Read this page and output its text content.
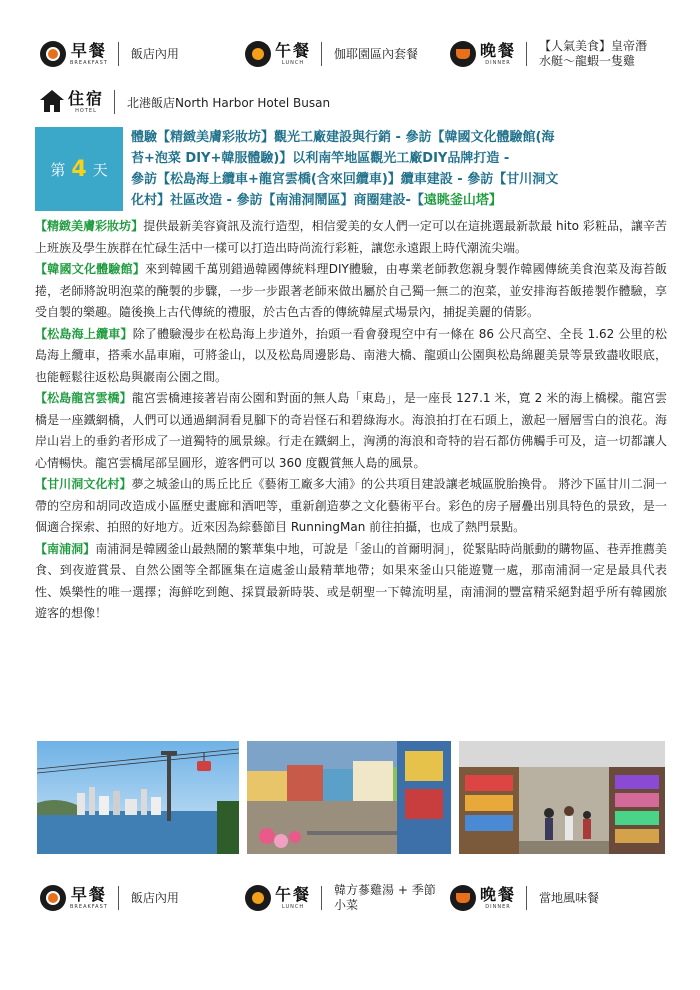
早餐
BREAKFAST
飯店內用	午餐
LUNCH
伽耶園區內套餐	晚餐
DINNER
【人氣美食】皇帝潛
水艇～龍蝦一隻雞
住宿
HOTEL
北港飯店North Harbor Hotel Busan
第 4 天
體驗【精緻美膚彩妝坊】觀光工廠建設與行銷 - 參訪【韓國文化體驗館(海
苔+泡菜 DIY+韓服體驗)】以利南竿地區觀光工廠DIY品牌打造 -
參訪【松島海上纜車+龍宮雲橋(含來回纜車)】纜車建設 - 參訪【甘川洞文
化村】社區改造 - 參訪【南浦洞鬧區】商圈建設-【遠眺釜山塔】

【精緻美膚彩妝坊】提供最新美容資訊及流行造型，相信愛美的女人們一定可以在這挑選最新款最 hito 彩粧品，讓辛苦上班族及學生族群在忙碌生活中一樣可以打造出時尚流行彩粧，讓您永遠跟上時代潮流尖端。

【韓國文化體驗館】來到韓國千萬別錯過韓國傳統料理DIY體驗，由專業老師教您親身製作韓國傳統美食泡菜及海苔飯捲，老師將說明泡菜的醃製的步驟，一步一步跟著老師來做出屬於自己獨一無二的泡菜，並安排海苔飯捲製作體驗，享受自製的樂趣。隨後換上古代傳統的禮服，於古色古香的傳統韓屋式場景內，捕捉美麗的倩影。

【松島海上纜車】除了體驗漫步在松島海上步道外，抬頭一看會發現空中有一條在 86 公尺高空、全長 1.62 公里的松島海上纜車，搭乘水晶車廂，可將釜山，以及松島周邊影島、南港大橋、龍頭山公園與松島綿麗美景等景致盡收眼底，也能輕鬆往返松島與巖南公園之間。

【松島龍宮雲橋】龍宮雲橋連接著岩南公園和對面的無人島「東島」，是一座長 127.1 米，寬 2 米的海上橋樑。龍宮雲橋是一座鐵網橋，人們可以通過網洞看見腳下的奇岩怪石和碧綠海水。海浪拍打在石頭上，激起一層層雪白的浪花。海岸山岩上的垂釣者形成了一道獨特的風景線。行走在鐵網上，洶湧的海浪和奇特的岩石都仿佛觸手可及，這一切都讓人心情暢快。龍宮雲橋尾部呈圓形，遊客們可以 360 度觀賞無人島的風景。

【甘川洞文化村】夢之城釜山的馬丘比丘《藝術工廠多大浦》的公共項目建設讓老城區脫胎換骨。 將沙下區甘川二洞一帶的空房和胡同改造成小區歷史畫廊和酒吧等，重新創造夢之文化藝術平台。彩色的房子層疊出別具特色的景致，是一個適合探索、拍照的好地方。近來因為綜藝節目 RunningMan 前往拍攝，也成了熱門景點。

【南浦洞】南浦洞是韓國釜山最熱鬧的繁華集中地，可說是「釜山的首爾明洞」，從緊貼時尚脈動的購物區、巷弄推薦美食、到夜遊賞景、自然公園等全都匯集在這處釜山最精華地帶；如果來釜山只能遊覽一處，那南浦洞一定是最具代表性、娛樂性的唯一選擇；海鮮吃到飽、採買最新時裝、或是朝聖一下韓流明星，南浦洞的豐富精采絕對超乎所有韓國旅遊客的想像！

早餐
BREAKFAST
飯店內用	午餐
LUNCH
韓方蔘雞湯 + 季節
小菜
晚餐
DINNER
當地風味餐
